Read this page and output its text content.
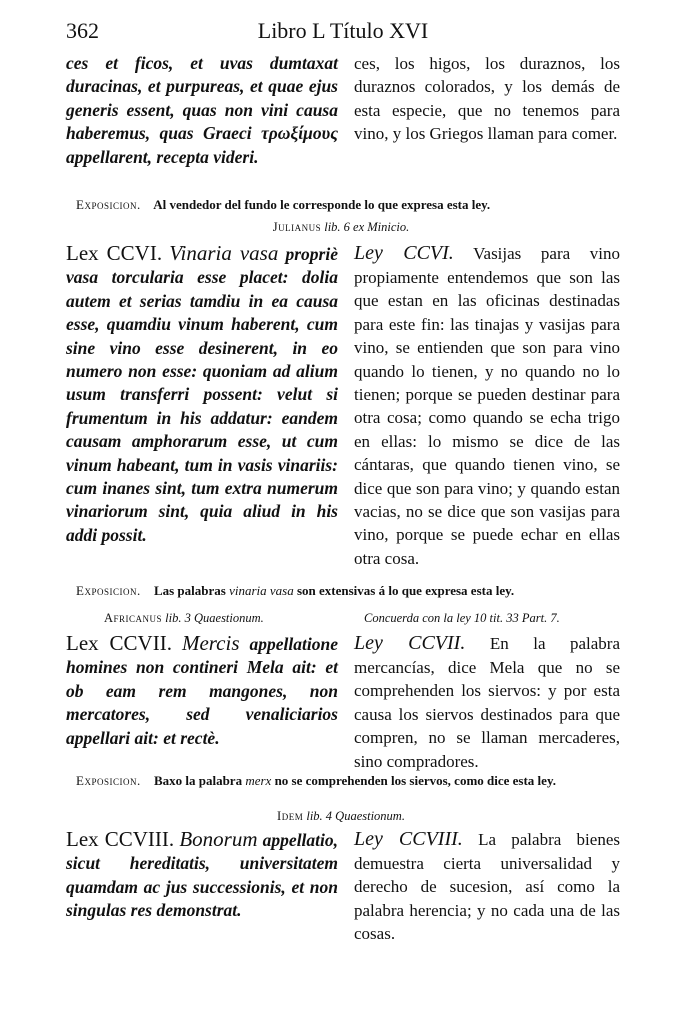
362	Libro L Título XVI

ces et ficos, et uvas dumtaxat duracinas, et purpureas, et quae ejus generis essent, quas non vini causa haberemus, quas Graeci τρωξίμους appellarent, recepta videri.

ces, los higos, los duraznos, los duraznos colorados, y los demás de esta especie, que no tenemos para vino, y los Griegos llaman para comer.

Exposicion. Al vendedor del fundo le corresponde lo que expresa esta ley.
Julianus lib. 6 ex Minicio.

Lex CCVI. Vinaria vasa propriè vasa torcularia esse placet: dolia autem et serias tamdiu in ea causa esse, quamdiu vinum haberent, cum sine vino esse desinerent, in eo numero non esse: quoniam ad alium usum transferri possent: velut si frumentum in his addatur: eandem causam amphorarum esse, ut cum vinum habeant, tum in vasis vinariis: cum inanes sint, tum extra numerum vinariorum sint, quia aliud in his addi possit.

Ley CCVI. Vasijas para vino propiamente entendemos que son las que estan en las oficinas destinadas para este fin: las tinajas y vasijas para vino, se entienden que son para vino quando lo tienen, y no quando no lo tienen; porque se pueden destinar para otra cosa; como quando se echa trigo en ellas: lo mismo se dice de las cántaras, que quando tienen vino, se dice que son para vino; y quando estan vacias, no se dice que son vasijas para vino, porque se puede echar en ellas otra cosa.

Exposicion. Las palabras vinaria vasa son extensivas á lo que expresa esta ley.
Africanus lib. 3 Quaestionum.	Concuerda con la ley 10 tit. 33 Part. 7.

Lex CCVII. Mercis appellatione homines non contineri Mela ait: et ob eam rem mangones, non mercatores, sed venaliciarios appellari ait: et rectè.

Ley CCVII. En la palabra mercancías, dice Mela que no se comprehenden los siervos: y por esta causa los siervos destinados para que compren, no se llaman mercaderes, sino compradores.

Exposicion. Baxo la palabra merx no se comprehenden los siervos, como dice esta ley.
Idem lib. 4 Quaestionum.

Lex CCVIII. Bonorum appellatio, sicut hereditatis, universitatem quamdam ac jus successionis, et non singulas res demonstrat.

Ley CCVIII. La palabra bienes demuestra cierta universalidad y derecho de sucesion, así como la palabra herencia; y no cada una de las cosas.
